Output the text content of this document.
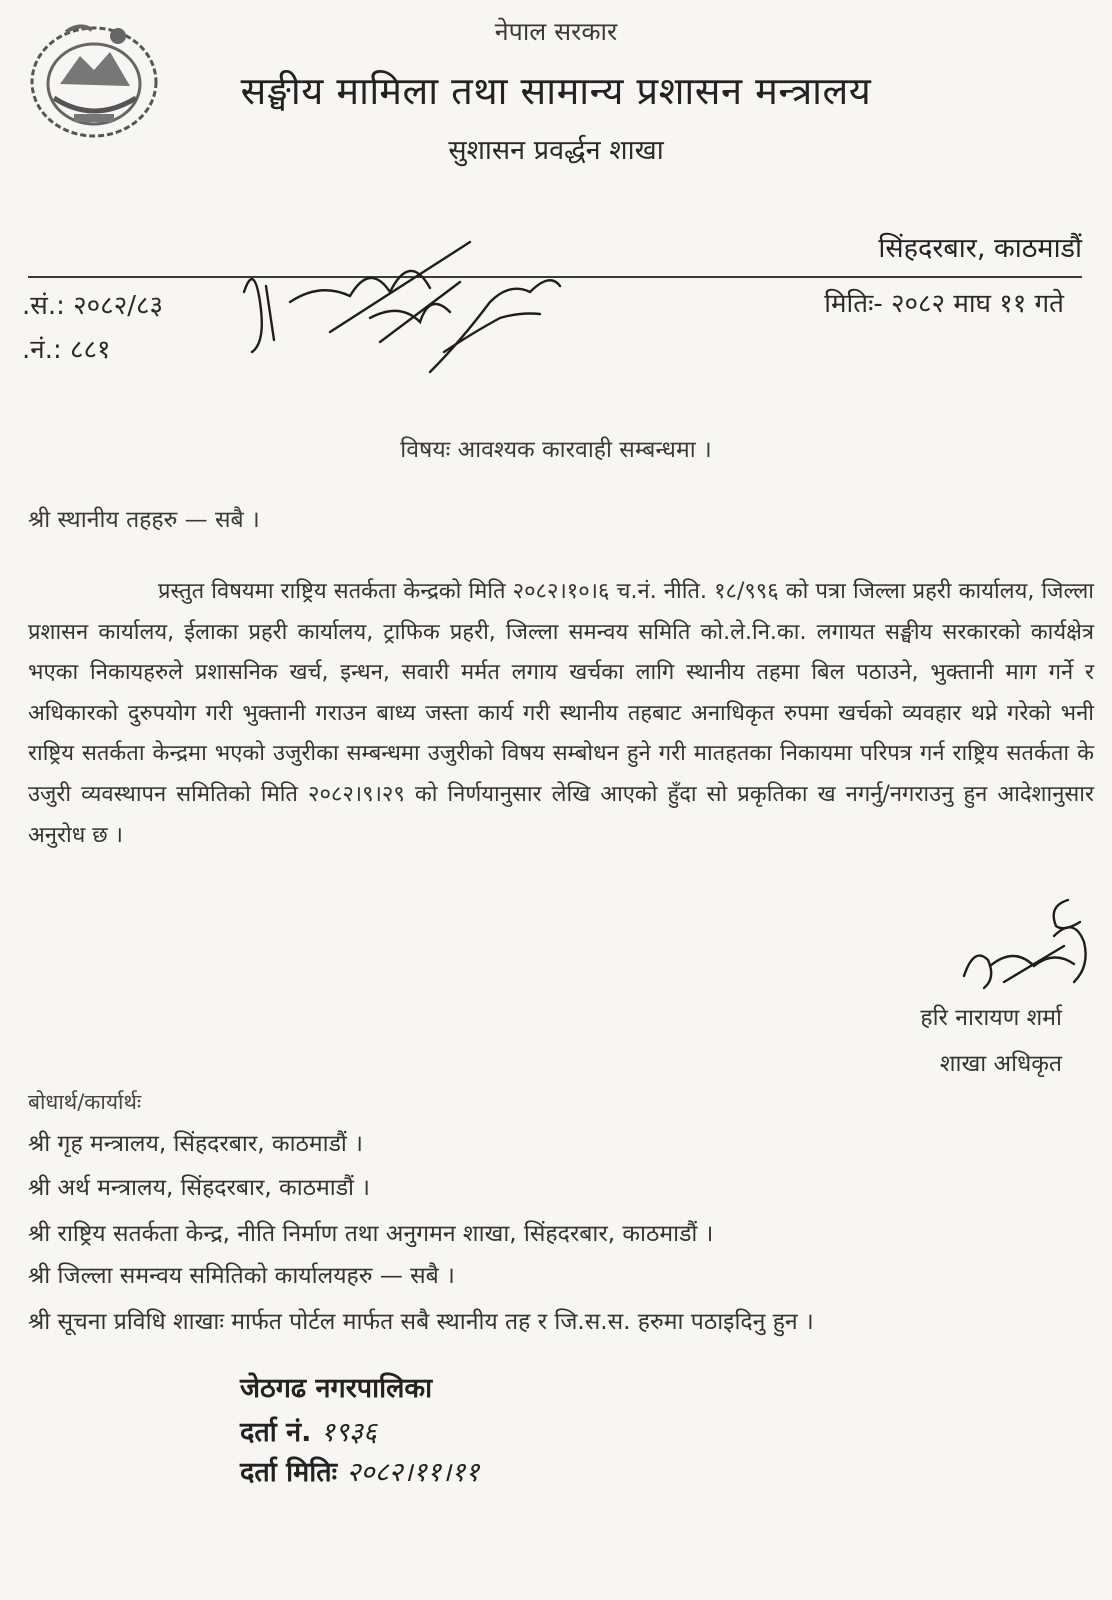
नेपाल सरकार
सङ्घीय मामिला तथा सामान्य प्रशासन मन्त्रालय
सुशासन प्रवर्द्धन शाखा
सिंहदरबार, काठमाडौं
.सं.: २०८२/८३
.नं.: ८८१
मितिः- २०८२ माघ ११ गते
विषयः आवश्यक कारवाही सम्बन्धमा ।
श्री स्थानीय तहहरु — सबै ।
प्रस्तुत विषयमा राष्ट्रिय सतर्कता केन्द्रको मिति २०८२।१०।६ च.नं. नीति. १८/९९६ को पत्रा जिल्ला प्रहरी कार्यालय, जिल्ला प्रशासन कार्यालय, ईलाका प्रहरी कार्यालय, ट्राफिक प्रहरी, जिल्ला समन्वय समिति को.ले.नि.का. लगायत सङ्घीय सरकारको कार्यक्षेत्र भएका निकायहरुले प्रशासनिक खर्च, इन्धन, सवारी मर्मत लगाय खर्चका लागि स्थानीय तहमा बिल पठाउने, भुक्तानी माग गर्ने र अधिकारको दुरुपयोग गरी भुक्तानी गराउन बाध्य जस्ता कार्य गरी स्थानीय तहबाट अनाधिकृत रुपमा खर्चको व्यवहार थप्ने गरेको भनी राष्ट्रिय सतर्कता केन्द्रमा भएको उजुरीका सम्बन्धमा उजुरीको विषय सम्बोधन हुने गरी मातहतका निकायमा परिपत्र गर्न राष्ट्रिय सतर्कता के उजुरी व्यवस्थापन समितिको मिति २०८२।९।२९ को निर्णयानुसार लेखि आएको हुँदा सो प्रकृतिका ख नगर्नु/नगराउनु हुन आदेशानुसार अनुरोध छ ।
हरि नारायण शर्मा
शाखा अधिकृत
बोधार्थ/कार्यार्थः
श्री गृह मन्त्रालय, सिंहदरबार, काठमाडौं ।
श्री अर्थ मन्त्रालय, सिंहदरबार, काठमाडौं ।
श्री राष्ट्रिय सतर्कता केन्द्र, नीति निर्माण तथा अनुगमन शाखा, सिंहदरबार, काठमाडौं ।
श्री जिल्ला समन्वय समितिको कार्यालयहरु — सबै ।
श्री सूचना प्रविधि शाखाः मार्फत पोर्टल मार्फत सबै स्थानीय तह र जि.स.स. हरुमा पठाइदिनु हुन ।
जेठगढ नगरपालिका
दर्ता नं. १९३६
दर्ता मितिः २०८२।११।११
